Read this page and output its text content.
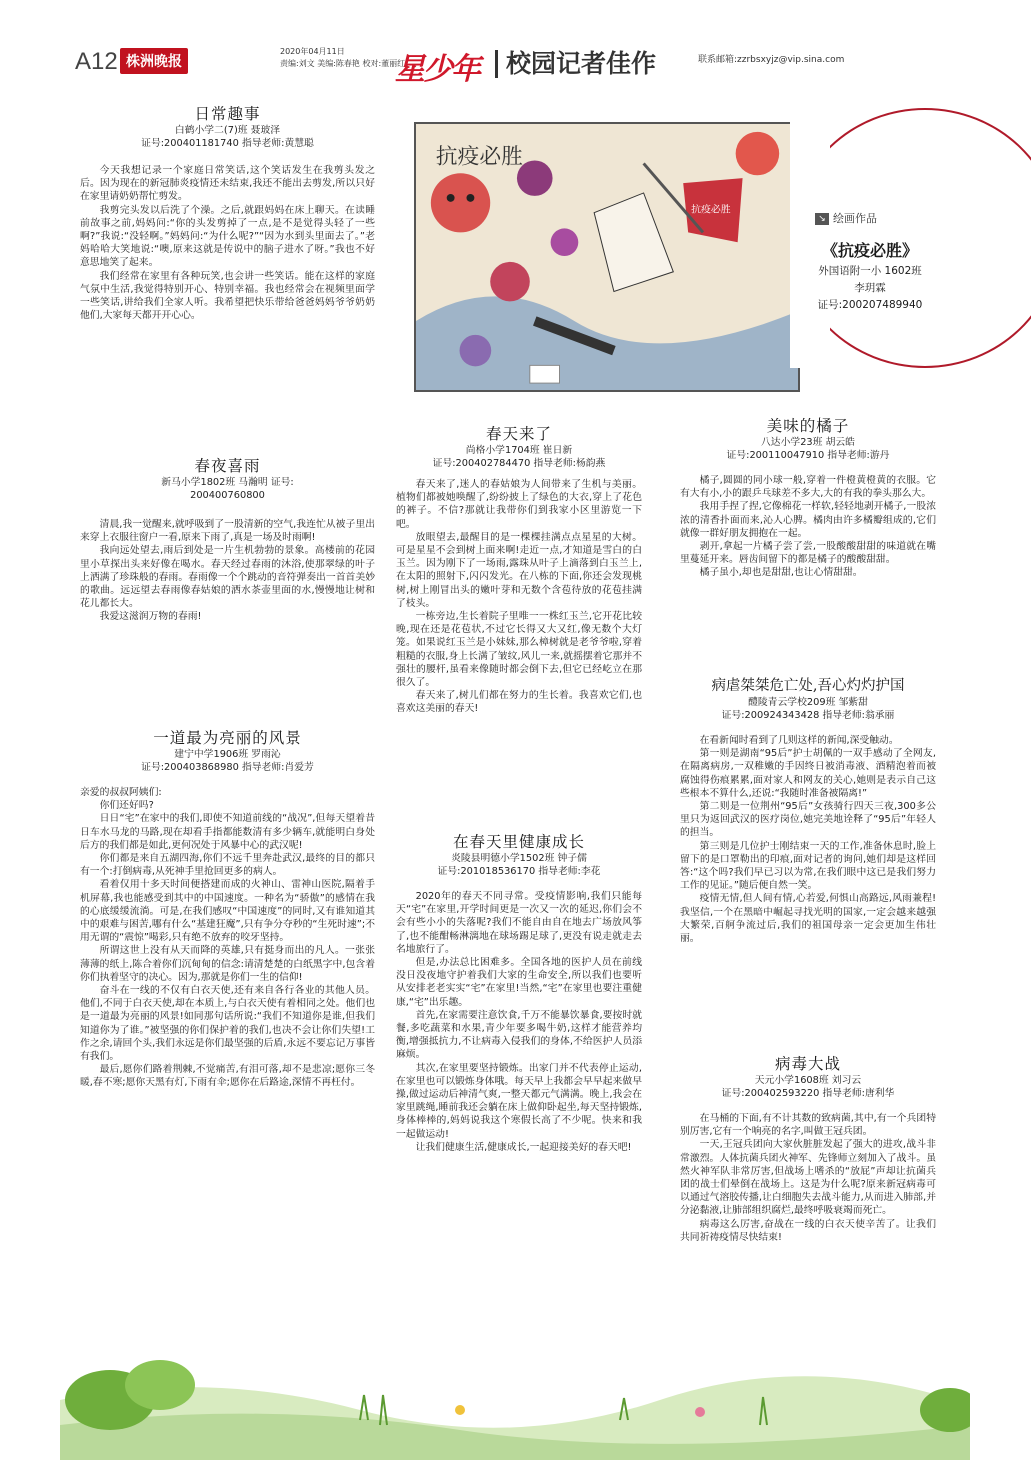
A12 株洲晚报
2020年04月11日
责编:刘文 美编:陈春艳 校对:董丽红
星少年	校园记者佳作	联系邮箱:zzrbsxyjz@vip.sina.com
抗疫必胜
抗疫必胜
↘ 绘画作品
《抗疫必胜》
外国语附一小 1602班
李玥霖
证号:200207489940
日常趣事
白鹤小学二(7)班 聂玻泽
证号:200401181740 指导老师:黄慧聪

今天我想记录一个家庭日常笑话,这个笑话发生在我剪头发之后。因为现在的新冠肺炎疫情还未结束,我还不能出去剪发,所以只好在家里请奶奶帮忙剪发。

我剪完头发以后洗了个澡。之后,就跟妈妈在床上聊天。在读睡前故事之前,妈妈问:“你的头发剪掉了一点,是不是觉得头轻了一些啊?”我说:“没轻啊。”妈妈问:“为什么呢?”“因为水到头里面去了。”老妈哈哈大笑地说:“噢,原来这就是传说中的脑子进水了呀。”我也不好意思地笑了起来。

我们经常在家里有各种玩笑,也会讲一些笑话。能在这样的家庭气氛中生活,我觉得特别开心、特别幸福。我也经常会在视频里面学一些笑话,讲给我们全家人听。我希望把快乐带给爸爸妈妈爷爷奶奶他们,大家每天都开开心心。

春夜喜雨
新马小学1802班 马瀚明 证号:
200400760800

清晨,我一觉醒来,就呼吸到了一股清新的空气,我连忙从被子里出来穿上衣服往窗户一看,原来下雨了,真是一场及时雨啊!

我向远处望去,雨后到处是一片生机勃勃的景象。高楼前的花园里小草探出头来好像在喝水。春天经过春雨的沐浴,使那翠绿的叶子上洒满了珍珠般的春雨。春雨像一个个跳动的音符弹奏出一首首美妙的歌曲。远远望去春雨像春姑娘的洒水茶壶里面的水,慢慢地让树和花儿都长大。

我爱这滋润万物的春雨!

一道最为亮丽的风景
建宁中学1906班 罗雨沁
证号:200403868980 指导老师:肖爱芳

亲爱的叔叔阿姨们:

你们还好吗?

日日“宅”在家中的我们,即使不知道前线的“战况”,但每天望着昔日车水马龙的马路,现在却看手指都能数清有多少辆车,就能明白身处后方的我们都是如此,更何况处于风暴中心的武汉呢!

你们都是来自五湖四海,你们不远千里奔赴武汉,最终的目的都只有一个:打倒病毒,从死神手里抢回更多的病人。

看着仅用十多天时间便搭建而成的火神山、雷神山医院,隔着手机屏幕,我也能感受到其中的中国速度。一种名为“骄傲”的感情在我的心底缓缓流淌。可是,在我们感叹“中国速度”的同时,又有谁知道其中的艰难与困苦,哪有什么“基建狂魔”,只有争分夺秒的“生死时速”;不用无谓的“震惊”喝彩,只有绝不放弃的咬牙坚持。

所谓这世上没有从天而降的英雄,只有挺身而出的凡人。一张张薄薄的纸上,陈合着你们沉甸甸的信念:请清楚楚的白纸黑字中,包含着你们执着坚守的决心。因为,那就是你们一生的信仰!

奋斗在一线的不仅有白衣天使,还有来自各行各业的其他人员。他们,不同于白衣天使,却在本质上,与白衣天使有着相同之处。他们也是一道最为亮丽的风景!如同那句话所说:“我们不知道你是谁,但我们知道你为了谁。”被坚强的你们保护着的我们,也决不会让你们失望!工作之余,请回个头,我们永远是你们最坚强的后盾,永远不要忘记万事皆有我们。

最后,愿你们路着荆棘,不觉痛苦,有泪可落,却不是悲凉;愿你三冬暖,春不寒;愿你天黑有灯,下雨有伞;愿你在后路途,深情不再枉付。

春天来了
尚格小学1704班 崔日新
证号:200402784470 指导老师:杨韵燕

春天来了,迷人的春姑娘为人间带来了生机与美丽。植物们都被她唤醒了,纷纷披上了绿色的大衣,穿上了花色的裤子。不信?那就让我带你们到我家小区里游览一下吧。

放眼望去,最醒目的是一棵棵挂满点点星星的大树。可是星星不会到树上面来啊!走近一点,才知道是雪白的白玉兰。因为刚下了一场雨,露珠从叶子上滴落到白玉兰上,在太阳的照射下,闪闪发光。在八栋的下面,你还会发现桃树,树上刚冒出头的嫩叶芽和无数个含苞待放的花苞挂满了枝头。

一栋旁边,生长着院子里唯一一株红玉兰,它开花比较晚,现在还是花苞状,不过它长得又大又红,像无数个大灯笼。如果说红玉兰是小妹妹,那么樟树就是老爷爷啦,穿着粗糙的衣服,身上长满了皱纹,风儿一来,就摇摆着它那并不强壮的腰杆,虽看来像随时都会倒下去,但它已经屹立在那很久了。

春天来了,树儿们都在努力的生长着。我喜欢它们,也喜欢这美丽的春天!

在春天里健康成长
炎陵县明德小学1502班 钟子儒
证号:201018536170 指导老师:李花

2020年的春天不同寻常。受疫情影响,我们只能每天“宅”在家里,开学时间更是一次又一次的延迟,你们会不会有些小小的失落呢?我们不能自由自在地去广场放风筝了,也不能酣畅淋漓地在球场踢足球了,更没有说走就走去名地旅行了。

但是,办法总比困难多。全国各地的医护人员在前线没日没夜地守护着我们大家的生命安全,所以我们也要听从安排老老实实“宅”在家里!当然,“宅”在家里也要注重健康,“宅”出乐趣。

首先,在家需要注意饮食,千万不能暴饮暴食,要按时就餐,多吃蔬菜和水果,青少年要多喝牛奶,这样才能营养均衡,增强抵抗力,不让病毒入侵我们的身体,不给医护人员添麻烦。

其次,在家里要坚持锻炼。出家门并不代表停止运动,在家里也可以锻炼身体哦。每天早上我都会早早起来做早操,做过运动后神清气爽,一整天都元气满满。晚上,我会在家里跳绳,睡前我还会躺在床上做仰卧起坐,每天坚持锻炼,身体棒棒的,妈妈说我这个寒假长高了不少呢。快来和我一起做运动!

让我们健康生活,健康成长,一起迎接美好的春天吧!

美味的橘子
八达小学23班 胡云皓
证号:200110047910 指导老师:游丹

橘子,圆圆的同小球一般,穿着一件橙黄橙黄的衣服。它有大有小,小的跟乒乓球差不多大,大的有我的拳头那么大。

我用手捏了捏,它像棉花一样软,轻轻地剥开橘子,一股浓浓的清香扑面而来,沁人心脾。橘肉由许多橘瓣组成的,它们就像一群好朋友拥抱在一起。

剥开,拿起一片橘子尝了尝,一股酸酸甜甜的味道就在嘴里蔓延开来。唇齿间留下的都是橘子的酸酸甜甜。

橘子虽小,却也是甜甜,也让心情甜甜。

病虐桀桀危亡处,吾心灼灼护国
醴陵青云学校209班 邹紫甜
证号:200924343428 指导老师:翁承丽

在看新闻时看到了几则这样的新闻,深受触动。

第一则是湖南“95后”护士胡佩的一双手感动了全网友,在隔离病房,一双稚嫩的手因终日被消毒液、酒精泡着而被腐蚀得伤痕累累,面对家人和网友的关心,她则是表示自己这些根本不算什么,还说:“我随时准备被隔离!”

第二则是一位荆州“95后”女孩骑行四天三夜,300多公里只为返回武汉的医疗岗位,她完美地诠释了“95后”年轻人的担当。

第三则是几位护士刚结束一天的工作,准备休息时,脸上留下的是口罩勒出的印痕,面对记者的询问,她们却是这样回答:“这个吗?我们早已习以为常,在我们眼中这已是我们努力工作的见证。”随后便自然一笑。

疫情无情,但人间有情,心若爱,何惧山高路远,风雨兼程!我坚信,一个在黑暗中崛起寻找光明的国家,一定会越来越强大繁荣,百舸争流过后,我们的祖国母亲一定会更加生伟壮丽。

病毒大战
天元小学1608班 刘习云
证号:200402593220 指导老师:唐利华

在马桶的下面,有不计其数的致病菌,其中,有一个兵团特别厉害,它有一个响亮的名字,叫做王冠兵团。

一天,王冠兵团向大家伙脏脏发起了强大的进攻,战斗非常激烈。人体抗菌兵团火神军、先锋师立刻加入了战斗。虽然火神军队非常厉害,但战场上嗜杀的“放屁”声却让抗菌兵团的战士们晕倒在战场上。这是为什么呢?原来新冠病毒可以通过气溶胶传播,让白细胞失去战斗能力,从而进入肺部,并分泌黏液,让肺部组织腐烂,最终呼吸衰竭而死亡。

病毒这么厉害,奋战在一线的白衣天使辛苦了。让我们共同祈祷疫情尽快结束!
